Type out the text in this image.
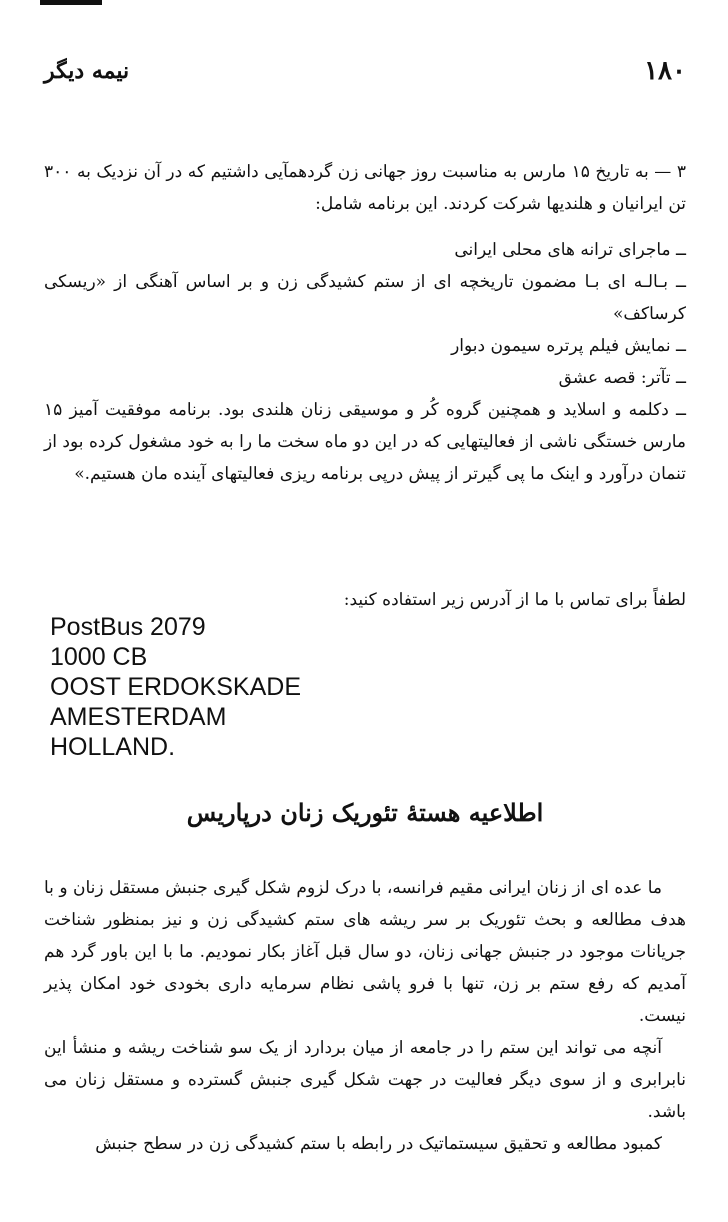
۱۸۰
نیمه دیگر

۳ — به تاریخ ۱۵ مارس به مناسبت روز جهانی زن گردهمآیی داشتیم که در آن نزدیک به ۳۰۰ تن ایرانیان و هلندیها شرکت کردند. این برنامه شامل:

ــ ماجرای ترانه های محلی ایرانی

ــ بـالـه ای بـا مضمون تاریخچه ای از ستم کشیدگی زن و بر اساس آهنگی از «ریسکی کرساکف»

ــ نمایش فیلم پرتره سیمون دبوار

ــ تآتر: قصه عشق

ــ دکلمه و اسلاید و همچنین گروه کُر و موسیقی زنان هلندی بود. برنامه موفقیت آمیز ۱۵ مارس خستگی ناشی از فعالیتهایی که در این دو ماه سخت ما را به خود مشغول کرده بود از تنمان درآورد و اینک ما پی گیرتر از پیش درپی برنامه ریزی فعالیتهای آینده مان هستیم.»

لطفاً برای تماس با ما از آدرس زیر استفاده کنید:
PostBus 2079
1000 CB
OOST ERDOKSKADE
AMESTERDAM
HOLLAND.
اطلاعیه هستهٔ تئوریک زنان درپاریس

ما عده ای از زنان ایرانی مقیم فرانسه، با درک لزوم شکل گیری جنبش مستقل زنان و با هدف مطالعه و بحث تئوریک بر سر ریشه های ستم کشیدگی زن و نیز بمنظور شناخت جریانات موجود در جنبش جهانی زنان، دو سال قبل آغاز بکار نمودیم. ما با این باور گرد هم آمدیم که رفع ستم بر زن، تنها با فرو پاشی نظام سرمایه داری بخودی خود امکان پذیر نیست.

آنچه می تواند این ستم را در جامعه از میان بردارد از یک سو شناخت ریشه و منشأ این نابرابری و از سوی دیگر فعالیت در جهت شکل گیری جنبش گسترده و مستقل زنان می باشد.

کمبود مطالعه و تحقیق سیستماتیک در رابطه با ستم کشیدگی زن در سطح جنبش
